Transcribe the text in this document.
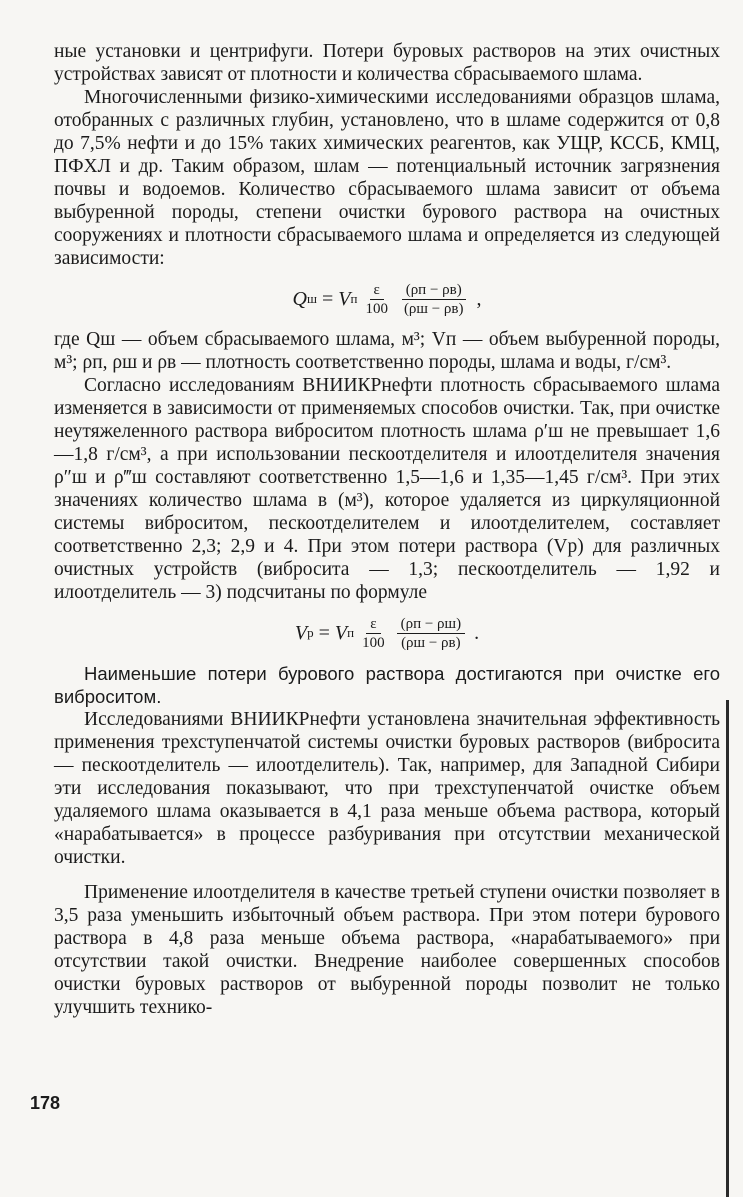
ные установки и центрифуги. Потери буровых растворов на этих очистных устройствах зависят от плотности и количества сбрасываемого шлама.

Многочисленными физико-химическими исследованиями образцов шлама, отобранных с различных глубин, установлено, что в шламе содержится от 0,8 до 7,5% нефти и до 15% таких химических реагентов, как УЩР, КССБ, КМЦ, ПФХЛ и др. Таким образом, шлам — потенциальный источник загрязнения почвы и водоемов. Количество сбрасываемого шлама зависит от объема выбуренной породы, степени очистки бурового раствора на очистных сооружениях и плотности сбрасываемого шлама и определяется из следующей зависимости:

Q ш = V п $\frac{\varepsilon}{100} \frac{(\rho п - \rho в)}{(\rho ш - \rho в)}$ ,

где Qш — объем сбрасываемого шлама, м³; Vп — объем выбуренной породы, м³; ρп, ρш и ρв — плотность соответственно породы, шлама и воды, г/см³.

Согласно исследованиям ВНИИКРнефти плотность сбрасываемого шлама изменяется в зависимости от применяемых способов очистки. Так, при очистке неутяжеленного раствора виброситом плотность шлама ρ′ш не превышает 1,6—1,8 г/см³, а при использовании пескоотделителя и илоотделителя значения ρ″ш и ρ‴ш составляют соответственно 1,5—1,6 и 1,35—1,45 г/см³. При этих значениях количество шлама в (м³), которое удаляется из циркуляционной системы виброситом, пескоотделителем и илоотделителем, составляет соответственно 2,3; 2,9 и 4. При этом потери раствора (Vр) для различных очистных устройств (вибросита — 1,3; пескоотделитель — 1,92 и илоотделитель — 3) подсчитаны по формуле

V р = V п $\frac{\varepsilon}{100} \frac{(\rho п - \rho ш)}{(\rho ш - \rho в)}$ .

Наименьшие потери бурового раствора достигаются при очистке его виброситом.

Исследованиями ВНИИКРнефти установлена значительная эффективность применения трехступенчатой системы очистки буровых растворов (вибросита — пескоотделитель — илоотделитель). Так, например, для Западной Сибири эти исследования показывают, что при трехступенчатой очистке объем удаляемого шлама оказывается в 4,1 раза меньше объема раствора, который «нарабатывается» в процессе разбуривания при отсутствии механической очистки.

Применение илоотделителя в качестве третьей ступени очистки позволяет в 3,5 раза уменьшить избыточный объем раствора. При этом потери бурового раствора в 4,8 раза меньше объема раствора, «нарабатываемого» при отсутствии такой очистки. Внедрение наиболее совершенных способов очистки буровых растворов от выбуренной породы позволит не только улучшить технико-

178
